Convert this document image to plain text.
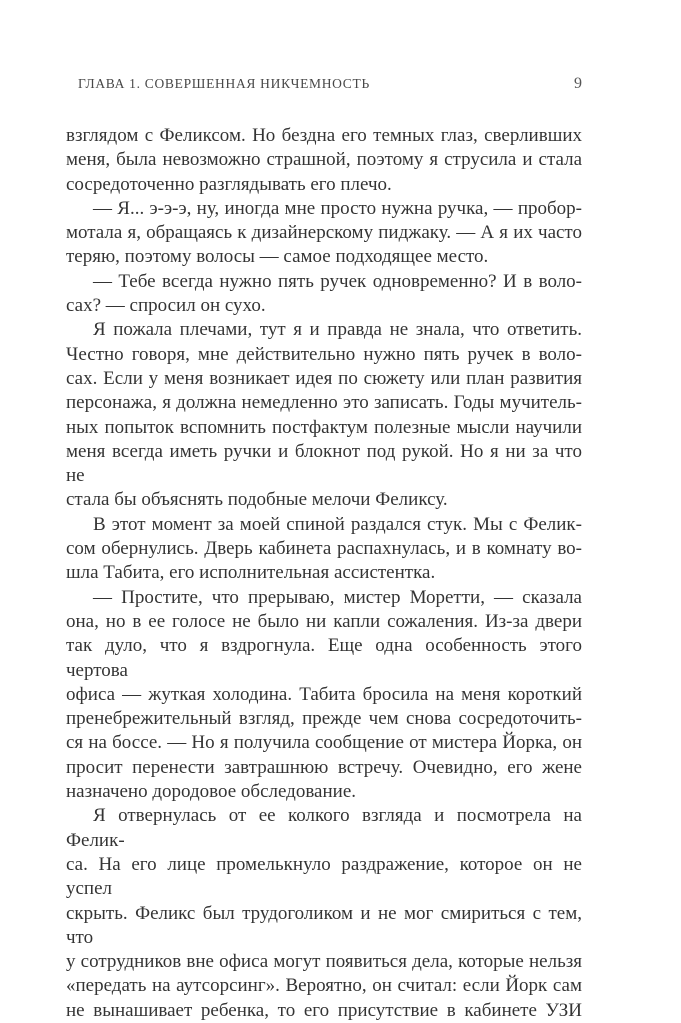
ГЛАВА 1. СОВЕРШЕННАЯ НИКЧЕМНОСТЬ	9
взглядом с Феликсом. Но бездна его темных глаз, сверливших
меня, была невозможно страшной, поэтому я струсила и стала
сосредоточенно разглядывать его плечо.
— Я... э-э-э, ну, иногда мне просто нужна ручка, — пробор-
мотала я, обращаясь к дизайнерскому пиджаку. — А я их часто
теряю, поэтому волосы — самое подходящее место.
— Тебе всегда нужно пять ручек одновременно? И в воло-
сах? — спросил он сухо.
Я пожала плечами, тут я и правда не знала, что ответить.
Честно говоря, мне действительно нужно пять ручек в воло-
сах. Если у меня возникает идея по сюжету или план развития
персонажа, я должна немедленно это записать. Годы мучитель-
ных попыток вспомнить постфактум полезные мысли научили
меня всегда иметь ручки и блокнот под рукой. Но я ни за что не
стала бы объяснять подобные мелочи Феликсу.
В этот момент за моей спиной раздался стук. Мы с Фелик-
сом обернулись. Дверь кабинета распахнулась, и в комнату во-
шла Табита, его исполнительная ассистентка.
— Простите, что прерываю, мистер Моретти, — сказала
она, но в ее голосе не было ни капли сожаления. Из-за двери
так дуло, что я вздрогнула. Еще одна особенность этого чертова
офиса — жуткая холодина. Табита бросила на меня короткий
пренебрежительный взгляд, прежде чем снова сосредоточить-
ся на боссе. — Но я получила сообщение от мистера Йорка, он
просит перенести завтрашнюю встречу. Очевидно, его жене
назначено дородовое обследование.
Я отвернулась от ее колкого взгляда и посмотрела на Фелик-
са. На его лице промелькнуло раздражение, которое он не успел
скрыть. Феликс был трудоголиком и не мог смириться с тем, что
у сотрудников вне офиса могут появиться дела, которые нельзя
«передать на аутсорсинг». Вероятно, он считал: если Йорк сам
не вынашивает ребенка, то его присутствие в кабинете УЗИ
